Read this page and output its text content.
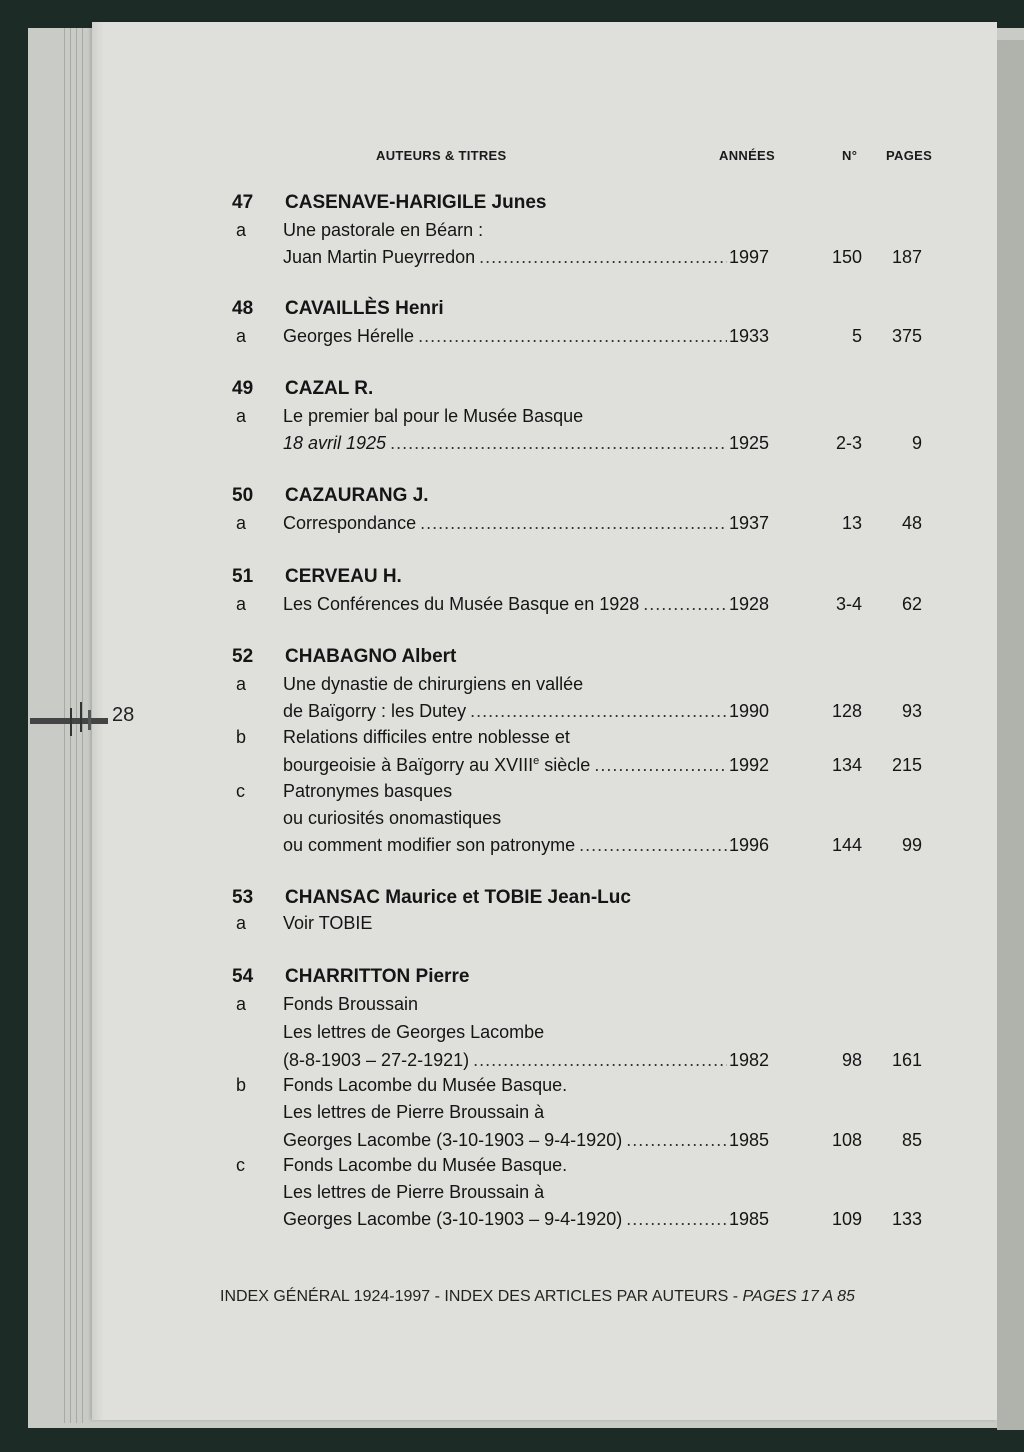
28
AUTEURS & TITRES	ANNÉES	N° PAGES
47 CASENAVE-HARIGILE Junes
a Une pastorale en Béarn :
Juan Martin Pueyrredon .....	1997	150	187
48 CAVAILLÈS Henri
a Georges Hérelle .....	1933	5	375
49 CAZAL R.
a Le premier bal pour le Musée Basque
18 avril 1925 .....	1925	2-3	9
50 CAZAURANG J.
a Correspondance .....	1937	13	48
51 CERVEAU H.
a Les Conférences du Musée Basque en 1928 .....	1928	3-4	62
52 CHABAGNO Albert
a Une dynastie de chirurgiens en vallée
de Baïgorry : les Dutey .....	1990	128	93
b Relations difficiles entre noblesse et
bourgeoisie à Baïgorry au XVIIIe siècle .....	1992	134	215
c Patronymes basques
ou curiosités onomastiques
ou comment modifier son patronyme .....	1996	144	99
53 CHANSAC Maurice et TOBIE Jean-Luc
a Voir TOBIE
54 CHARRITTON Pierre
a Fonds Broussain
Les lettres de Georges Lacombe
(8-8-1903 – 27-2-1921) .....	1982	98	161
b Fonds Lacombe du Musée Basque.
Les lettres de Pierre Broussain à
Georges Lacombe (3-10-1903 – 9-4-1920) .....	1985	108	85
c Fonds Lacombe du Musée Basque.
Les lettres de Pierre Broussain à
Georges Lacombe (3-10-1903 – 9-4-1920) .....	1985	109	133
INDEX GÉNÉRAL 1924-1997 - INDEX DES ARTICLES PAR AUTEURS - PAGES 17 A 85
